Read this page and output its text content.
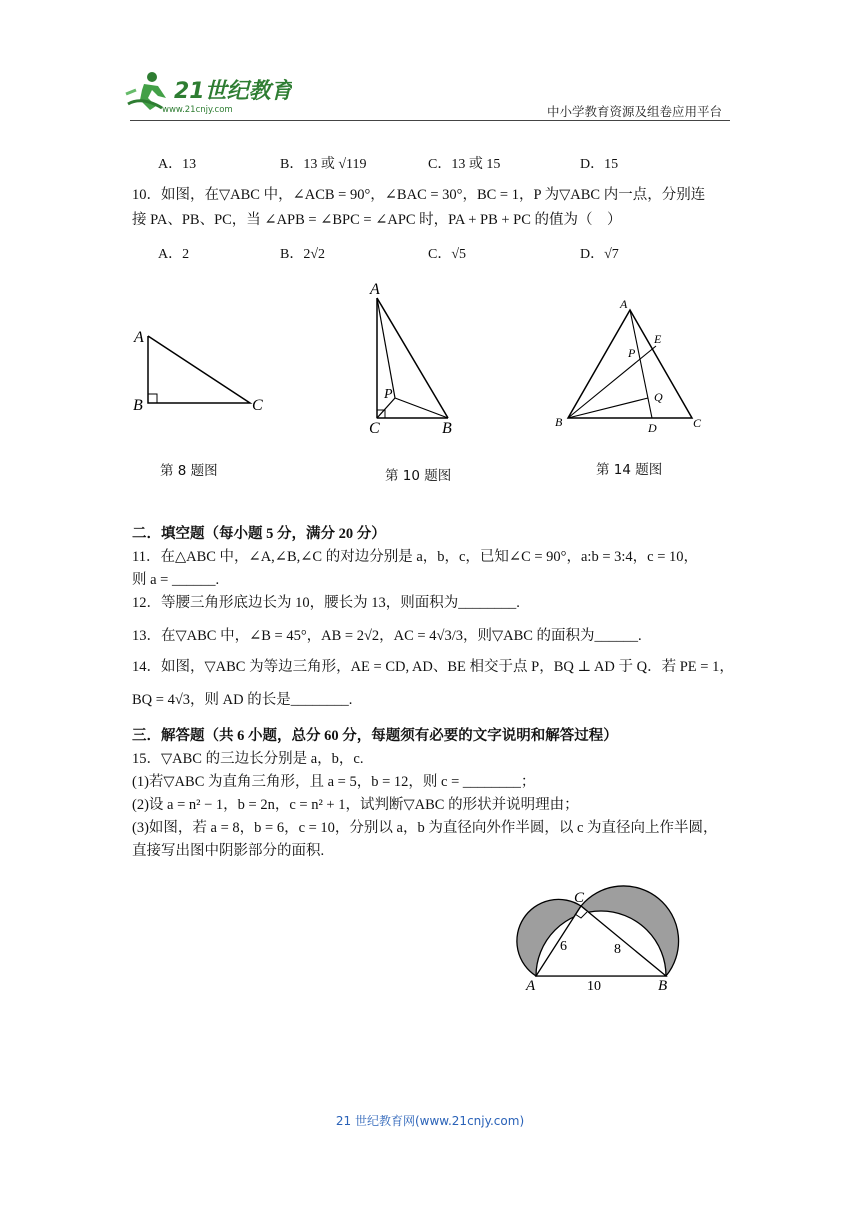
21世纪教育
www.21cnjy.com	中小学教育资源及组卷应用平台
A．13	B．13 或 √119	C．13 或 15	D．15
10．如图，在▽ABC 中，∠ACB = 90°，∠BAC = 30°，BC = 1，P 为▽ABC 内一点，分别连
接 PA、PB、PC，当 ∠APB = ∠BPC = ∠APC 时，PA + PB + PC 的值为（　）
A．2	B．2√2	C．√5	D．√7
A
B	C
第 8 题图
A
P
C	B
第 10 题图
A
E
P
Q
B	D	C
第 14 题图
二．填空题（每小题 5 分，满分 20 分）
11．在△ABC 中，∠A,∠B,∠C 的对边分别是 a，b，c，已知∠C = 90°，a:b = 3:4，c = 10，
则 a = ______.
12．等腰三角形底边长为 10，腰长为 13，则面积为________.
13．在▽ABC 中，∠B = 45°，AB = 2√2，AC = 4√3/3，则▽ABC 的面积为______.
14．如图，▽ABC 为等边三角形，AE = CD, AD、BE 相交于点 P，BQ ⊥ AD 于 Q．若 PE = 1，
BQ = 4√3，则 AD 的长是________.
三．解答题（共 6 小题，总分 60 分，每题须有必要的文字说明和解答过程）
15．▽ABC 的三边长分别是 a，b，c.
(1)若▽ABC 为直角三角形，且 a = 5，b = 12，则 c = ________；
(2)设 a = n² − 1，b = 2n，c = n² + 1，试判断▽ABC 的形状并说明理由；
(3)如图，若 a = 8，b = 6，c = 10，分别以 a，b 为直径向外作半圆，以 c 为直径向上作半圆，
直接写出图中阴影部分的面积.
C
6	8
A	10	B
21 世纪教育网(www.21cnjy.com)
